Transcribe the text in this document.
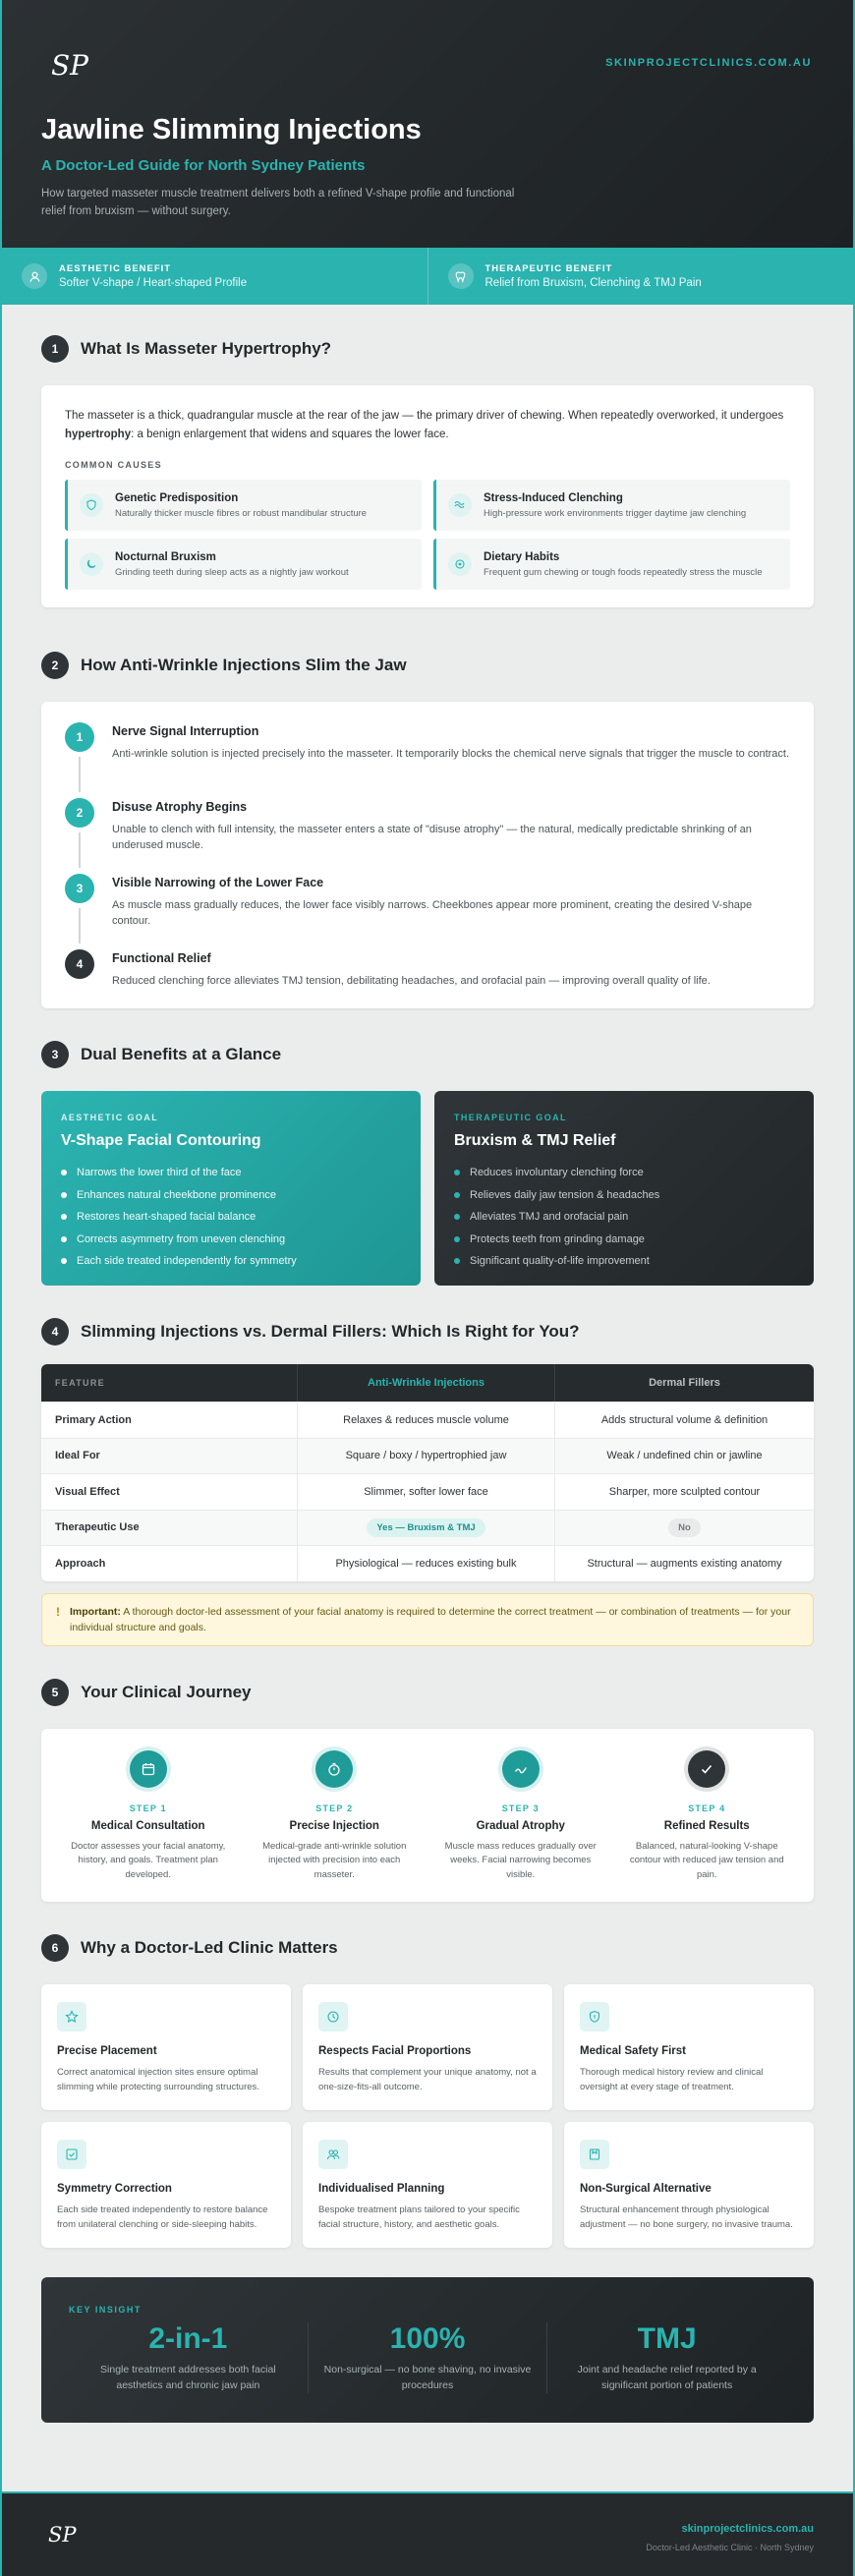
SP	SKINPROJECTCLINICS.COM.AU
Jawline Slimming Injections
A Doctor-Led Guide for North Sydney Patients

How targeted masseter muscle treatment delivers both a refined V-shape profile and functional relief from bruxism — without surgery.

AESTHETIC BENEFIT
Softer V-shape / Heart-shaped Profile
THERAPEUTIC BENEFIT
Relief from Bruxism, Clenching & TMJ Pain
1	What Is Masseter Hypertrophy?

The masseter is a thick, quadrangular muscle at the rear of the jaw — the primary driver of chewing. When repeatedly overworked, it undergoes hypertrophy: a benign enlargement that widens and squares the lower face.

COMMON CAUSES
Genetic Predisposition
Naturally thicker muscle fibres or robust mandibular structure
Stress-Induced Clenching
High-pressure work environments trigger daytime jaw clenching
Nocturnal Bruxism
Grinding teeth during sleep acts as a nightly jaw workout
Dietary Habits
Frequent gum chewing or tough foods repeatedly stress the muscle
2	How Anti-Wrinkle Injections Slim the Jaw
1	Nerve Signal Interruption
Anti-wrinkle solution is injected precisely into the masseter. It temporarily blocks the chemical nerve signals that trigger the muscle to contract.
2	Disuse Atrophy Begins
Unable to clench with full intensity, the masseter enters a state of "disuse atrophy" — the natural, medically predictable shrinking of an underused muscle.
3	Visible Narrowing of the Lower Face
As muscle mass gradually reduces, the lower face visibly narrows. Cheekbones appear more prominent, creating the desired V-shape contour.
4	Functional Relief
Reduced clenching force alleviates TMJ tension, debilitating headaches, and orofacial pain — improving overall quality of life.
3	Dual Benefits at a Glance
AESTHETIC GOAL
V-Shape Facial Contouring
Narrows the lower third of the face
Enhances natural cheekbone prominence
Restores heart-shaped facial balance
Corrects asymmetry from uneven clenching
Each side treated independently for symmetry
THERAPEUTIC GOAL
Bruxism & TMJ Relief
Reduces involuntary clenching force
Relieves daily jaw tension & headaches
Alleviates TMJ and orofacial pain
Protects teeth from grinding damage
Significant quality-of-life improvement
4	Slimming Injections vs. Dermal Fillers: Which Is Right for You?
FEATURE	Anti-Wrinkle Injections	Dermal Fillers
Primary Action	Relaxes & reduces muscle volume	Adds structural volume & definition
Ideal For	Square / boxy / hypertrophied jaw	Weak / undefined chin or jawline
Visual Effect	Slimmer, softer lower face	Sharper, more sculpted contour
Therapeutic Use	Yes — Bruxism & TMJ	No
Approach	Physiological — reduces existing bulk	Structural — augments existing anatomy
! Important: A thorough doctor-led assessment of your facial anatomy is required to determine the correct treatment — or combination of treatments — for your individual structure and goals.

5	Your Clinical Journey
STEP 1
Medical Consultation
Doctor assesses your facial anatomy, history, and goals. Treatment plan developed.
STEP 2
Precise Injection
Medical-grade anti-wrinkle solution injected with precision into each masseter.
STEP 3
Gradual Atrophy
Muscle mass reduces gradually over weeks. Facial narrowing becomes visible.
STEP 4
Refined Results
Balanced, natural-looking V-shape contour with reduced jaw tension and pain.
6	Why a Doctor-Led Clinic Matters
Precise Placement
Correct anatomical injection sites ensure optimal slimming while protecting surrounding structures.
Respects Facial Proportions
Results that complement your unique anatomy, not a one-size-fits-all outcome.
Medical Safety First
Thorough medical history review and clinical oversight at every stage of treatment.
Symmetry Correction
Each side treated independently to restore balance from unilateral clenching or side-sleeping habits.
Individualised Planning
Bespoke treatment plans tailored to your specific facial structure, history, and aesthetic goals.
Non-Surgical Alternative
Structural enhancement through physiological adjustment — no bone surgery, no invasive trauma.
KEY INSIGHT
2-in-1
Single treatment addresses both facial aesthetics and chronic jaw pain
100%
Non-surgical — no bone shaving, no invasive procedures
TMJ
Joint and headache relief reported by a significant portion of patients
SP	skinprojectclinics.com.au
Doctor-Led Aesthetic Clinic · North Sydney
